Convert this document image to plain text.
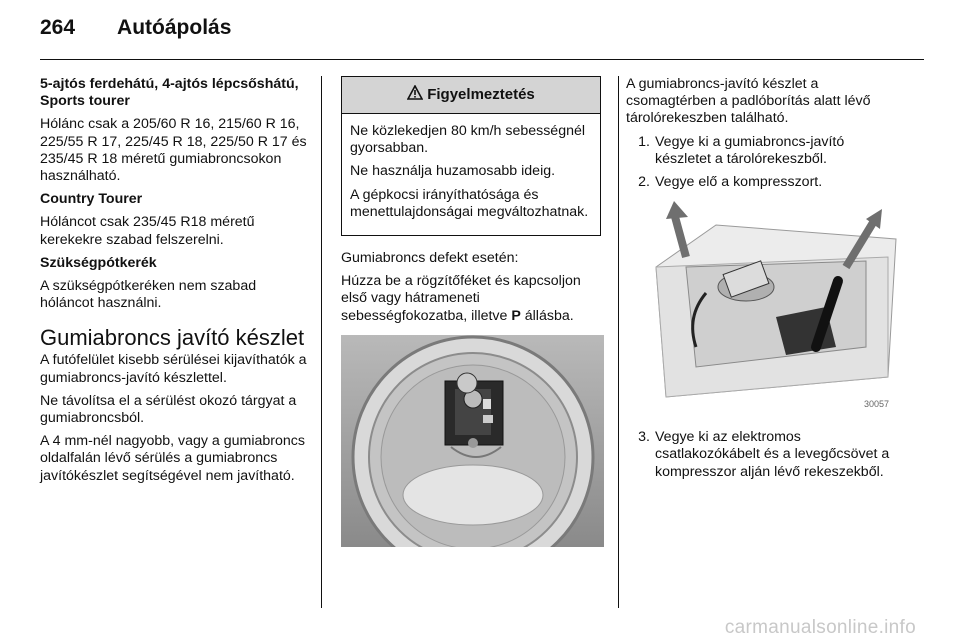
264 Autóápolás

5-ajtós ferdehátú, 4-ajtós lépcsőshátú, Sports tourer

Hólánc csak a 205/60 R 16, 215/60 R 16, 225/55 R 17, 225/45 R 18, 225/50 R 17 és 235/45 R 18 méretű gumiabroncsokon használható.

Country Tourer

Hóláncot csak 235/45 R18 méretű kerekekre szabad felszerelni.

Szükségpótkerék

A szükségpótkeréken nem szabad hóláncot használni.

Gumiabroncs javító készlet

A futófelület kisebb sérülései kijavíthatók a gumiabroncs-javító készlettel.

Ne távolítsa el a sérülést okozó tárgyat a gumiabroncsból.

A 4 mm-nél nagyobb, vagy a gumiabroncs oldalfalán lévő sérülés a gumiabroncs javítókészlet segítségével nem javítható.

Figyelmeztetés

Ne közlekedjen 80 km/h sebességnél gyorsabban.

Ne használja huzamosabb ideig.

A gépkocsi irányíthatósága és menettulajdonságai megváltozhatnak.

Gumiabroncs defekt esetén:

Húzza be a rögzítőféket és kapcsoljon első vagy hátrameneti sebességfokozatba, illetve P állásba.

A gumiabroncs-javító készlet a csomagtérben a padlóborítás alatt lévő tárolórekeszben található.

1. Vegye ki a gumiabroncs-javító készletet a tárolórekeszből.
2. Vegye elő a kompresszort.
30057
3. Vegye ki az elektromos csatlakozókábelt és a levegőcsövet a kompresszor alján lévő rekeszekből.
carmanualsonline.info
